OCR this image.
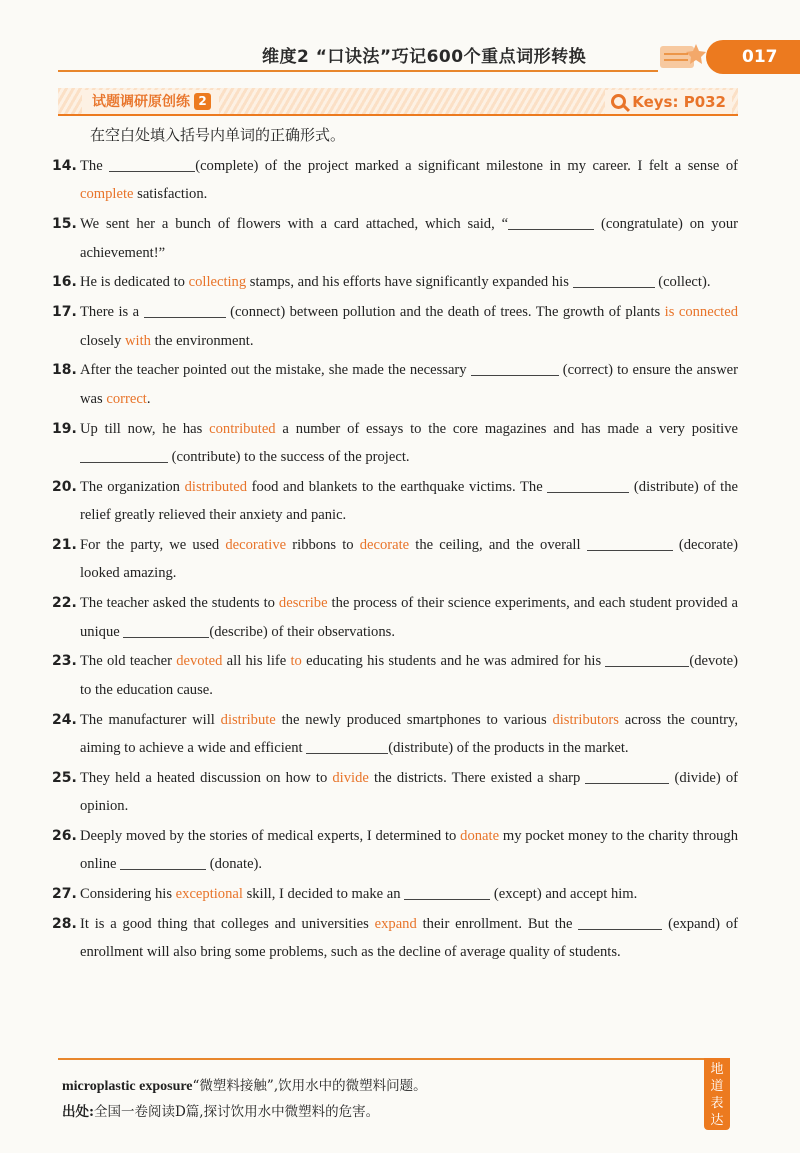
维度2 “口诀法”巧记600个重点词形转换	017
试题调研原创练 2	Keys: P032
在空白处填入括号内单词的正确形式。
14. The	(complete) of the project marked a significant milestone in my career. I felt a sense of complete satisfaction.
15. We sent her a bunch of flowers with a card attached, which said, “	(congratulate) on your achievement!”
16. He is dedicated to collecting stamps, and his efforts have significantly expanded his	(collect).
17. There is a	(connect) between pollution and the death of trees. The growth of plants is connected closely with the environment.
18. After the teacher pointed out the mistake, she made the necessary	(correct) to ensure the answer was correct.
19. Up till now, he has contributed a number of essays to the core magazines and has made a very positive  (contribute) to the success of the project.
20. The organization distributed food and blankets to the earthquake victims. The	(distribute) of the relief greatly relieved their anxiety and panic.
21. For the party, we used decorative ribbons to decorate the ceiling, and the overall	(decorate) looked amazing.
22. The teacher asked the students to describe the process of their science experiments, and each student provided a unique	(describe) of their observations.
23. The old teacher devoted all his life to educating his students and he was admired for his	(devote) to the education cause.
24. The manufacturer will distribute the newly produced smartphones to various distributors across the country, aiming to achieve a wide and efficient	(distribute) of the products in the market.
25. They held a heated discussion on how to divide the districts. There existed a sharp	(divide) of opinion.
26. Deeply moved by the stories of medical experts, I determined to donate my pocket money to the charity through online	(donate).
27. Considering his exceptional skill, I decided to make an	(except) and accept him.
28. It is a good thing that colleges and universities expand their enrollment. But the	(expand) of enrollment will also bring some problems, such as the decline of average quality of students.
microplastic exposure“微塑料接触”,饮用水中的微塑料问题。
出处:全国一卷阅读D篇,探讨饮用水中微塑料的危害。
地
道
表
达
